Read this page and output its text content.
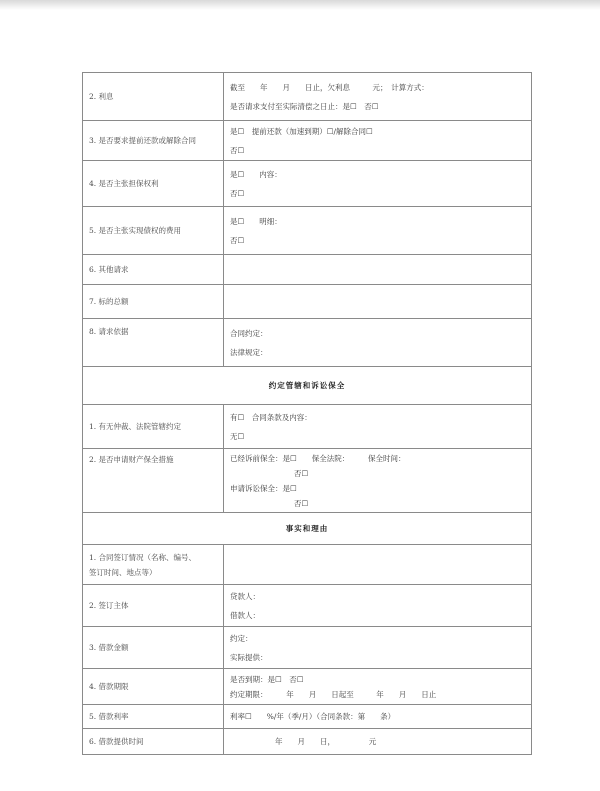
2. 利息	截至　　年　　月　　日止，欠利息　　　元；　计算方式：
是否请求支付至实际清偿之日止：是☐　否☐

3. 是否要求提前还款或解除合同	是☐　提前还款（加速到期）☐/解除合同☐
否☐

4. 是否主张担保权利	是☐　　内容：
否☐

5. 是否主张实现债权的费用	是☐　　明细：
否☐

6. 其他请求	
7. 标的总额	
8. 请求依据	合同约定：
法律规定：

约定管辖和诉讼保全	
1. 有无仲裁、法院管辖约定	有☐　合同条款及内容：
无☐

2. 是否申请财产保全措施	已经诉前保全：是☐　　保全法院：　　　保全时间：
否☐
申请诉讼保全：是☐
否☐

事实和理由	

1. 合同签订情况（名称、编号、
签订时间、地点等）	

2. 签订主体	贷款人：
借款人：

3. 借款金额	约定：
实际提供：

4. 借款期限	是否到期：是☐　否☐
约定期限：　　　年　　月　　日起至　　　年　　月　　日止

5. 借款利率	利率☐　　%/年（季/月）（合同条款：第　　条）
6. 借款提供时间	　　　　　　年　　月　　日，　　　　　元
